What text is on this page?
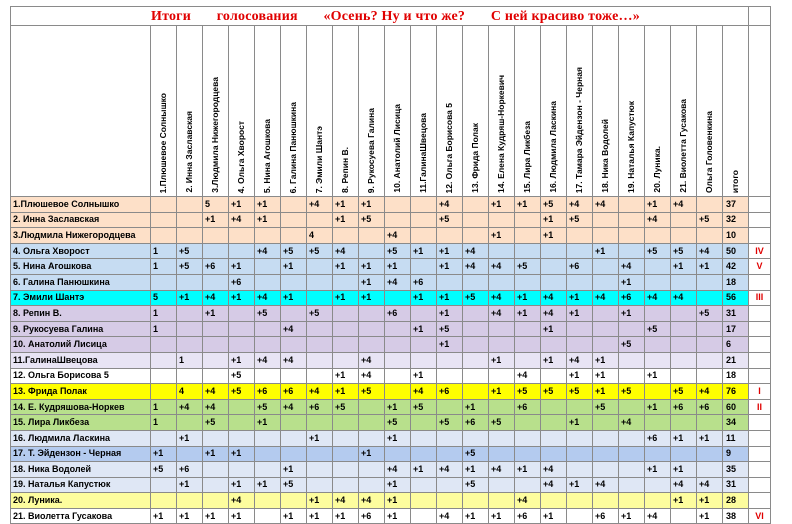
Итоги голосования «Осень? Ну и что же? С ней красиво тоже…»																								

	1.Плюшевое Солнышко	2. Инна Заславская	3.Людмила Нижегородцева	4. Ольга Хворост	5. Нина Агошкова	6. Галина Панюшкина	7. Эмили Шантэ	8. Репин В.	9. Рукосуева Галина	10. Анатолий Лисица	11.ГалинаШвецова	12. Ольга Борисова 5	13. Фрида Полак	14. Елена Кудряш-Норкевич	15. Лира Ликбеза	16. Людмила Ласкина	17. Тамара Эйдензон - Черная	18. Ника Водолей	19. Наталья Капустюк	20. Луника.	21. Виолетта Гусакова	Ольга Головенкина	итого	

1.Плюшевое Солнышко			5	+1	+1		+4	+1	+1			+4		+1	+1	+5	+4	+4		+1	+4		37	
2. Инна Заславская			+1	+4	+1			+1	+5			+5				+1	+5			+4		+5	32	
3.Людмила Нижегородцева							4			+4				+1		+1							10	
4. Ольга Хворост	1	+5			+4	+5	+5	+4		+5	+1	+1	+4					+1		+5	+5	+4	50	IV
5. Нина Агошкова	1	+5	+6	+1		+1		+1	+1	+1		+1	+4	+4	+5		+6		+4		+1	+1	42	V
6. Галина Панюшкина				+6					+1	+4	+6								+1				18	
7. Эмили Шантэ	5	+1	+4	+1	+4	+1		+1	+1		+1	+1	+5	+4	+1	+4	+1	+4	+6	+4	+4		56	III
8. Репин В.	1		+1		+5		+5			+6		+1		+4	+1	+4	+1		+1			+5	31	
9. Рукосуева Галина	1					+4					+1	+5				+1				+5			17	
10. Анатолий Лисица												+1							+5				6	
11.ГалинаШвецова		1		+1	+4	+4			+4					+1		+1	+4	+1					21	
12. Ольга Борисова 5				+5				+1	+4		+1				+4		+1	+1		+1			18	
13. Фрида Полак		4	+4	+5	+6	+6	+4	+1	+5		+4	+6		+1	+5	+5	+5	+1	+5		+5	+4	76	I
14. Е. Кудряшова-Норкев	1	+4	+4		+5	+4	+6	+5		+1	+5		+1		+6			+5		+1	+6	+6	60	II
15. Лира Ликбеза	1		+5		+1					+5		+5	+6	+5			+1		+4				34	
16. Людмила Ласкина		+1					+1			+1										+6	+1	+1	11	
17. Т. Эйдензон - Черная	+1		+1	+1					+1				+5										9	
18. Ника Водолей	+5	+6				+1				+4	+1	+4	+1	+4	+1	+4				+1	+1		35	
19. Наталья Капустюк		+1		+1	+1	+5				+1			+5			+4	+1	+4			+4	+4	31	
20. Луника.				+4			+1	+4	+4	+1					+4						+1	+1	28	
21. Виолетта Гусакова	+1	+1	+1	+1		+1	+1	+1	+6	+1		+4	+1	+1	+6	+1		+6	+1	+4		+1	38	VI
